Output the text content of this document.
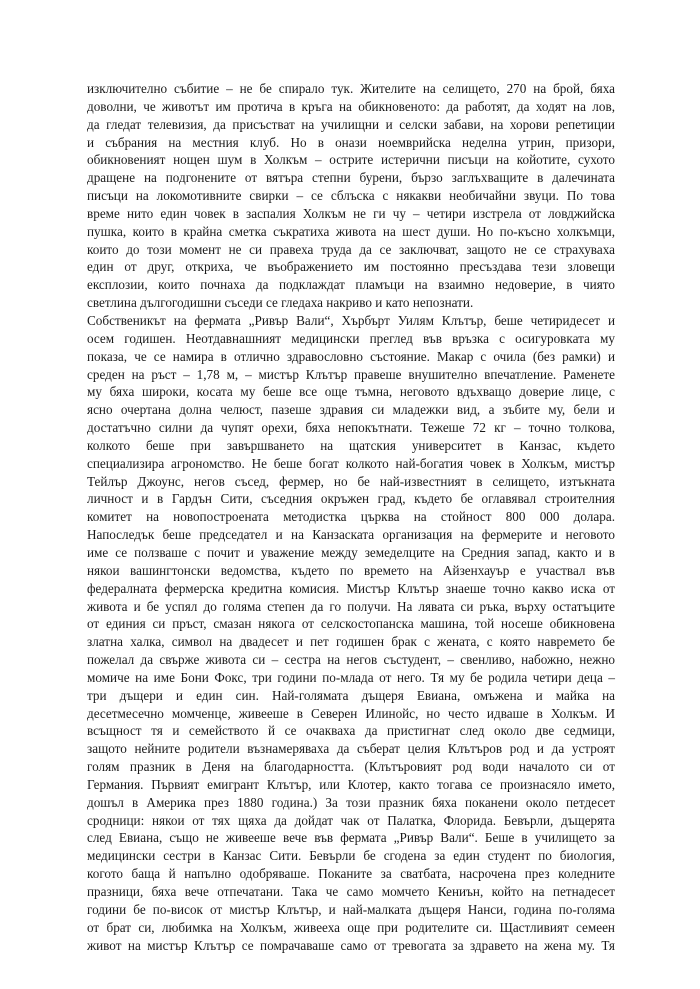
изключително събитие – не бе спирало тук. Жителите на селището, 270 на брой, бяха
доволни, че животът им протича в кръга на обикновеното: да работят, да ходят на лов,
да гледат телевизия, да присъстват на училищни и селски забави, на хорови репетиции
и събрания на местния клуб. Но в онази ноемврийска неделна утрин, призори,
обикновеният нощен шум в Холкъм – острите истерични писъци на койотите, сухото
дращене на подгонените от вятъра степни бурени, бързо заглъхващите в далечината
писъци на локомотивните свирки – се сблъска с някакви необичайни звуци. По това
време нито един човек в заспалия Холкъм не ги чу – четири изстрела от ловджийска
пушка, които в крайна сметка съкратиха живота на шест души. Но по-късно холкъмци,
които до този момент не си правеха труда да се заключват, защото не се страхуваха
един от друг, откриха, че въображението им постоянно пресъздава тези зловещи
експлозии, които почнаха да подклаждат пламъци на взаимно недоверие, в чиято
светлина дългогодишни съседи се гледаха накриво и като непознати.
Собственикът на фермата „Ривър Вали“, Хърбърт Уилям Клътър, беше четиридесет и
осем годишен. Неотдавнашният медицински преглед във връзка с осигуровката му
показа, че се намира в отлично здравословно състояние. Макар с очила (без рамки) и
среден на ръст – 1,78 м, – мистър Клътър правеше внушително впечатление. Раменете
му бяха широки, косата му беше все още тъмна, неговото вдъхващо доверие лице, с
ясно очертана долна челюст, пазеше здравия си младежки вид, а зъбите му, бели и
достатъчно силни да чупят орехи, бяха непокътнати. Тежеше 72 кг – точно толкова,
колкото беше при завършването на щатския университет в Канзас, където
специализира агрономство. Не беше богат колкото най-богатия човек в Холкъм, мистър
Тейлър Джоунс, негов съсед, фермер, но бе най-известният в селището, изтъкната
личност и в Гардън Сити, съседния окръжен град, където бе оглавявал строителния
комитет на новопостроената методистка църква на стойност 800 000 долара.
Напоследък беше председател и на Канзаската организация на фермерите и неговото
име се ползваше с почит и уважение между земеделците на Средния запад, както и в
някои вашингтонски ведомства, където по времето на Айзенхауър е участвал във
федералната фермерска кредитна комисия. Мистър Клътър знаеше точно какво иска от
живота и бе успял до голяма степен да го получи. На лявата си ръка, върху остатъците
от единия си пръст, смазан някога от селскостопанска машина, той носеше обикновена
златна халка, символ на двадесет и пет годишен брак с жената, с която навремето бе
пожелал да свърже живота си – сестра на негов състудент, – свенливо, набожно, нежно
момиче на име Бони Фокс, три години по-млада от него. Тя му бе родила четири деца –
три дъщери и един син. Най-голямата дъщеря Евиана, омъжена и майка на
десетмесечно момченце, живееше в Северен Илинойс, но често идваше в Холкъм. И
всъщност тя и семейството й се очакваха да пристигнат след около две седмици,
защото нейните родители възнамеряваха да съберат целия Клътъров род и да устроят
голям празник в Деня на благодарността. (Клътъровият род води началото си от
Германия. Първият емигрант Клътър, или Клотер, както тогава се произнасяло името,
дошъл в Америка през 1880 година.) За този празник бяха поканени около петдесет
сродници: някои от тях щяха да дойдат чак от Палатка, Флорида. Бевърли, дъщерята
след Евиана, също не живееше вече във фермата „Ривър Вали“. Беше в училището за
медицински сестри в Канзас Сити. Бевърли бе сгодена за един студент по биология,
когото баща й напълно одобряваше. Поканите за сватбата, насрочена през коледните
празници, бяха вече отпечатани. Така че само момчето Кениън, който на петнадесет
години бе по-висок от мистър Клътър, и най-малката дъщеря Нанси, година по-голяма
от брат си, любимка на Холкъм, живееха още при родителите си. Щастливият семеен
живот на мистър Клътър се помрачаваше само от тревогата за здравето на жена му. Тя
